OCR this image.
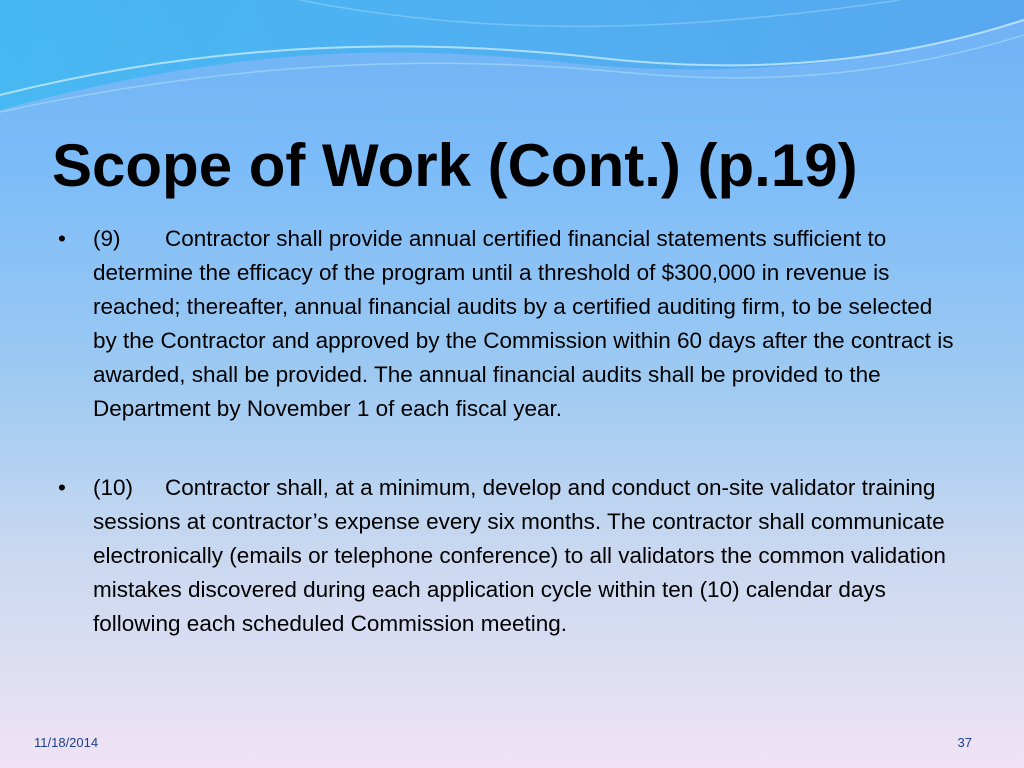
Scope of Work (Cont.) (p.19)
• (9) Contractor shall provide annual certified financial statements sufficient to determine the efficacy of the program until a threshold of $300,000 in revenue is reached; thereafter, annual financial audits by a certified auditing firm, to be selected by the Contractor and approved by the Commission within 60 days after the contract is awarded, shall be provided. The annual financial audits shall be provided to the Department by November 1 of each fiscal year.
• (10) Contractor shall, at a minimum, develop and conduct on-site validator training sessions at contractor’s expense every six months. The contractor shall communicate electronically (emails or telephone conference) to all validators the common validation mistakes discovered during each application cycle within ten (10) calendar days following each scheduled Commission meeting.
11/18/2014	37
